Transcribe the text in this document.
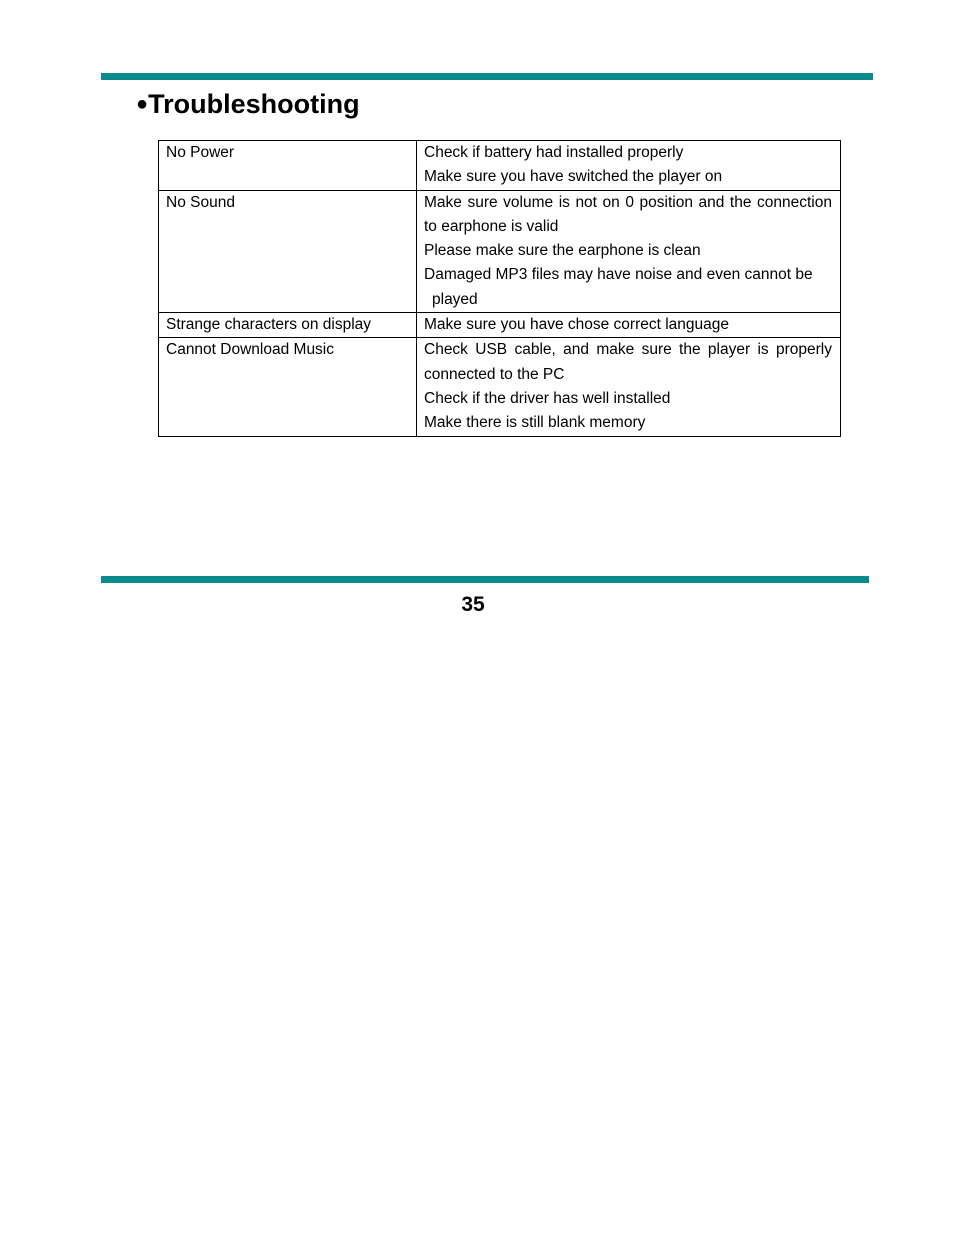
●Troubleshooting
No Power	Check if battery had installed properly
Make sure you have switched the player on

No Sound	Make sure volume is not on 0 position and the connection to earphone is valid
Please make sure the earphone is clean
Damaged MP3 files may have noise and even cannot be
played

Strange characters on display	Make sure you have chose correct language

Cannot Download Music	Check USB cable, and make sure the player is properly connected to the PC
Check if the driver has well installed
Make there is still blank memory
35
